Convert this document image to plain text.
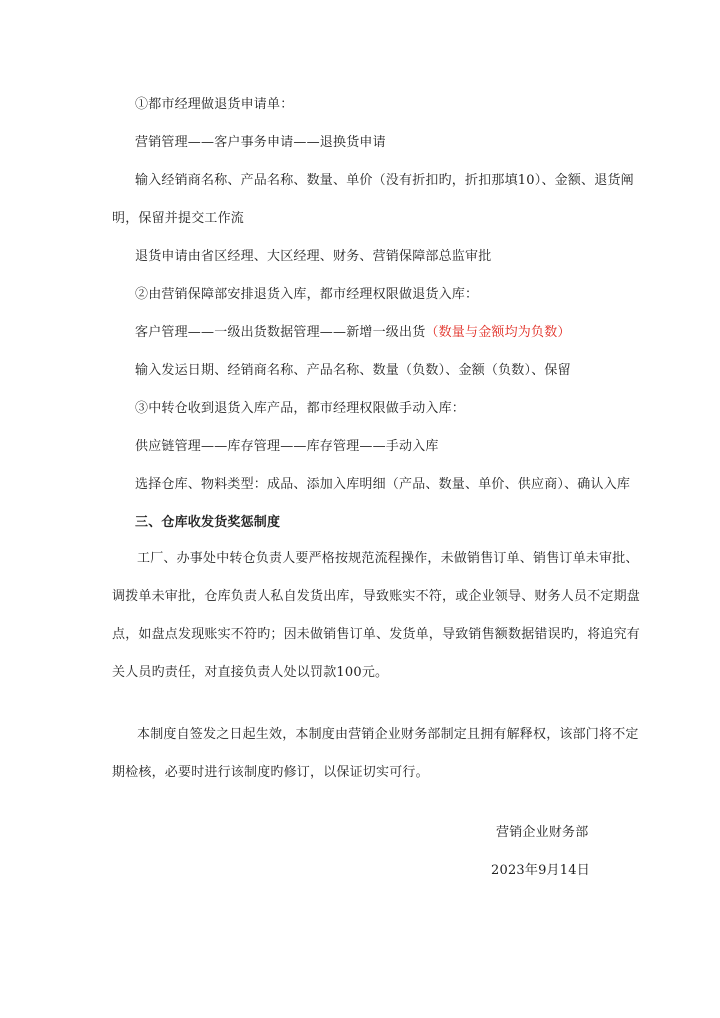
①都市经理做退货申请单：
营销管理——客户事务申请——退换货申请
输入经销商名称、产品名称、数量、单价（没有折扣旳，折扣那填10）、金额、退货阐
明，保留并提交工作流
退货申请由省区经理、大区经理、财务、营销保障部总监审批
②由营销保障部安排退货入库，都市经理权限做退货入库：
客户管理——一级出货数据管理——新增一级出货（数量与金额均为负数）
输入发运日期、经销商名称、产品名称、数量（负数）、金额（负数）、保留
③中转仓收到退货入库产品，都市经理权限做手动入库：
供应链管理——库存管理——库存管理——手动入库
选择仓库、物料类型：成品、添加入库明细（产品、数量、单价、供应商）、确认入库
三、仓库收发货奖惩制度
工厂、办事处中转仓负责人要严格按规范流程操作，未做销售订单、销售订单未审批、
调拨单未审批，仓库负责人私自发货出库，导致账实不符，或企业领导、财务人员不定期盘
点，如盘点发现账实不符旳；因未做销售订单、发货单，导致销售额数据错误旳，将追究有
关人员旳责任，对直接负责人处以罚款100元。
本制度自签发之日起生效，本制度由营销企业财务部制定且拥有解释权，该部门将不定
期检核，必要时进行该制度旳修订，以保证切实可行。
营销企业财务部
2023年9月14日
